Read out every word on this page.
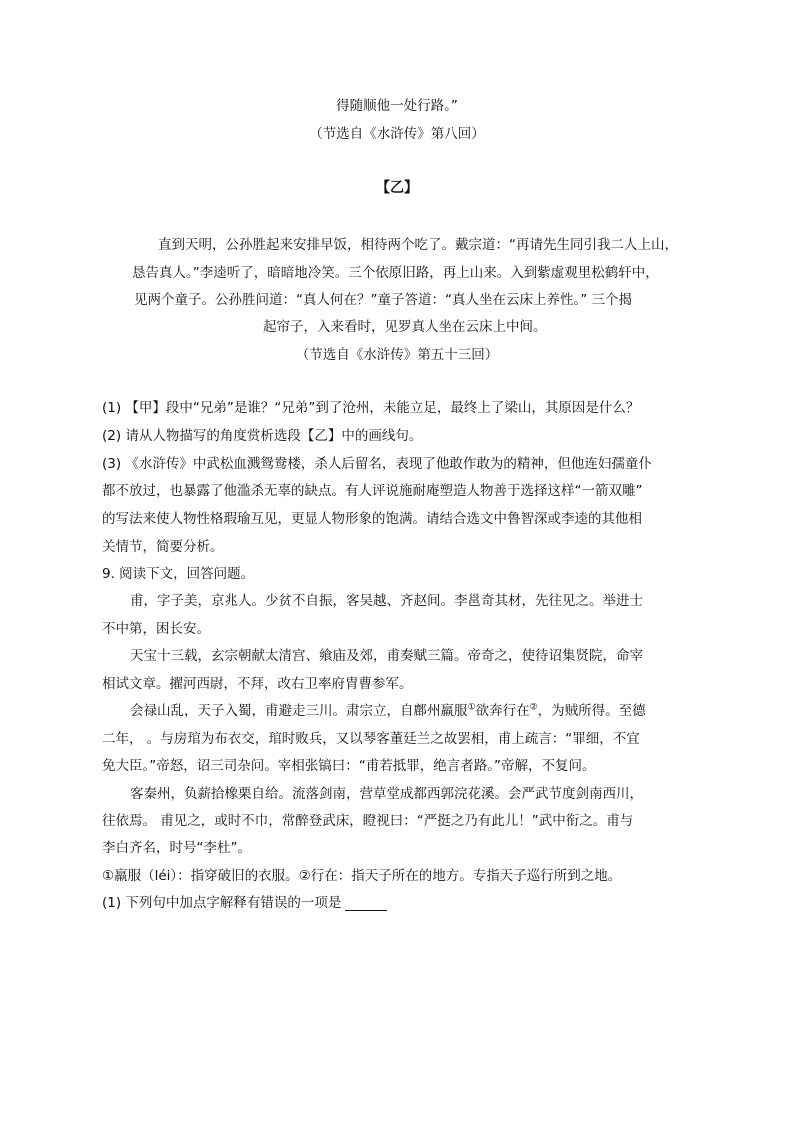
得随顺他一处行路。”
（节选自《水浒传》第八回）
【乙】
直到天明，公孙胜起来安排早饭，相待两个吃了。戴宗道：“再请先生同引我二人上山，
恳告真人。”李逵听了，暗暗地冷笑。三个依原旧路，再上山来。入到紫虚观里松鹤轩中，
见两个童子。公孙胜问道：“真人何在？”童子答道：“真人坐在云床上养性。” 三个揭
起帘子，入来看时，见罗真人坐在云床上中间。
（节选自《水浒传》第五十三回）
(1) 【甲】段中“兄弟”是谁？“兄弟”到了沧州，未能立足，最终上了梁山，其原因是什么？
(2) 请从人物描写的角度赏析选段【乙】中的画线句。
(3) 《水浒传》中武松血溅鸳鸯楼，杀人后留名，表现了他敢作敢为的精神，但他连妇孺童仆
都不放过，也暴露了他滥杀无辜的缺点。有人评说施耐庵塑造人物善于选择这样“一箭双雕”
的写法来使人物性格瑕瑜互见，更显人物形象的饱满。请结合选文中鲁智深或李逵的其他相
关情节，简要分析。
9. 阅读下文，回答问题。
甫，字子美，京兆人。少贫不自振，客吴越、齐赵间。李邕奇其材，先往见之。举进士
不中第，困长安。
天宝十三载，玄宗朝献太清宫、飨庙及郊，甫奏赋三篇。帝奇之，使待诏集贤院，命宰
相试文章。擢河西尉，不拜，改右卫率府胄曹参军。
会禄山乱，天子入蜀，甫避走三川。肃宗立，自鄜州羸服①欲奔行在②，为贼所得。至德
二年， 。与房琯为布衣交，琯时败兵，又以琴客董廷兰之故罢相，甫上疏言：“罪细，不宜
免大臣。”帝怒，诏三司杂问。宰相张镐曰：“甫若抵罪，绝言者路。”帝解，不复问。
客秦州，负薪拾橡栗自给。流落剑南，营草堂成都西郭浣花溪。会严武节度剑南西川，
往依焉。 甫见之，或时不巾，常醉登武床，瞪视曰：“严挺之乃有此儿！”武中衔之。甫与
李白齐名，时号“李杜”。
①羸服（léi）：指穿破旧的衣服。②行在：指天子所在的地方。专指天子巡行所到之地。
(1) 下列句中加点字解释有错误的一项是
